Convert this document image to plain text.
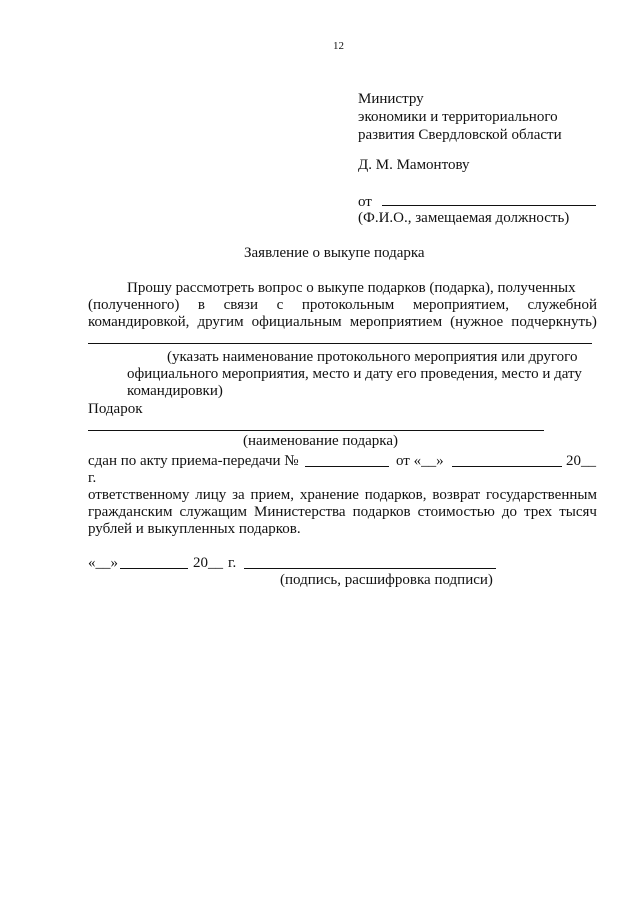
12
Министру
экономики и территориального
развития Свердловской области
Д. М. Мамонтову
от
(Ф.И.О., замещаемая должность)
Заявление о выкупе подарка
Прошу рассмотреть вопрос о выкупе подарков (подарка), полученных
(полученного) в связи с протокольным мероприятием, служебной
командировкой, другим официальным мероприятием (нужное подчеркнуть)
(указать наименование протокольного мероприятия или другого
официального мероприятия, место и дату его проведения, место и дату
командировки)
Подарок
(наименование подарка)
сдан по акту приема-передачи №	от «__»	20__
г.
ответственному лицу за прием, хранение подарков, возврат государственным
гражданским служащим Министерства подарков стоимостью до трех тысяч
рублей и выкупленных подарков.
«__»	20__ г.
(подпись, расшифровка подписи)
